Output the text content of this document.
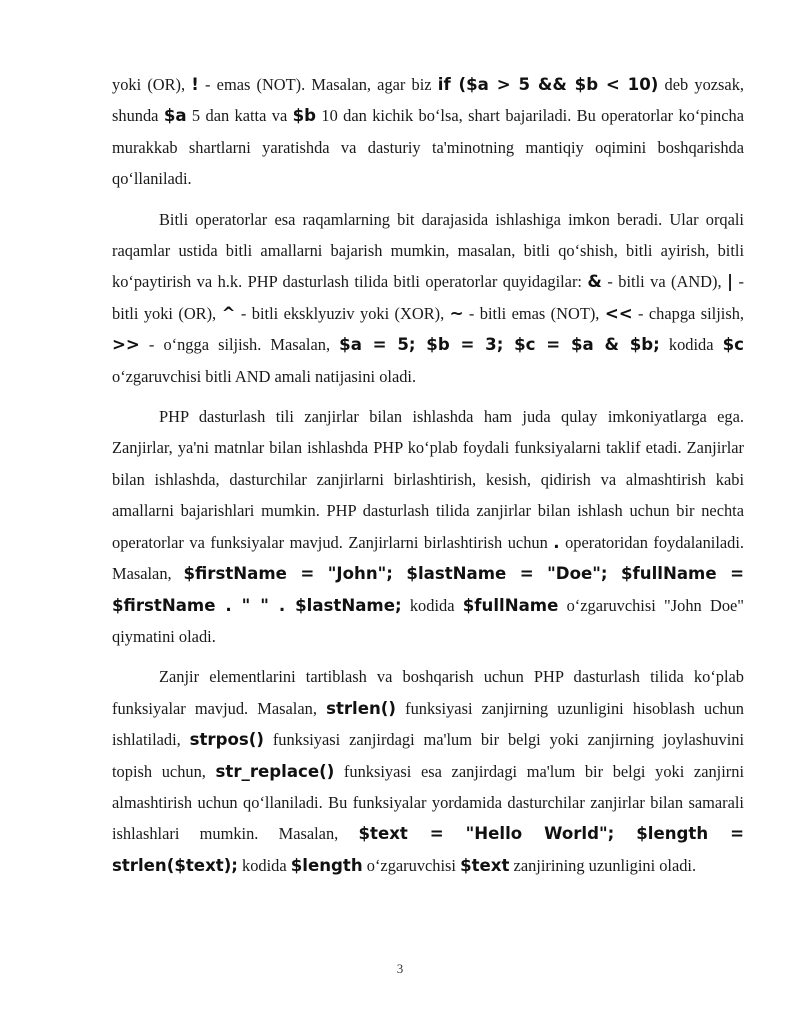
yoki (OR), ! - emas (NOT). Masalan, agar biz if ($a > 5 && $b < 10) deb yozsak, shunda $a 5 dan katta va $b 10 dan kichik bo‘lsa, shart bajariladi. Bu operatorlar ko‘pincha murakkab shartlarni yaratishda va dasturiy ta'minotning mantiqiy oqimini boshqarishda qo‘llaniladi.

Bitli operatorlar esa raqamlarning bit darajasida ishlashiga imkon beradi. Ular orqali raqamlar ustida bitli amallarni bajarish mumkin, masalan, bitli qo‘shish, bitli ayirish, bitli ko‘paytirish va h.k. PHP dasturlash tilida bitli operatorlar quyidagilar: & - bitli va (AND), | - bitli yoki (OR), ^ - bitli eksklyuziv yoki (XOR), ~ - bitli emas (NOT), << - chapga siljish, >> - o‘ngga siljish. Masalan, $a = 5; $b = 3; $c = $a & $b; kodida $c o‘zgaruvchisi bitli AND amali natijasini oladi.

PHP dasturlash tili zanjirlar bilan ishlashda ham juda qulay imkoniyatlarga ega. Zanjirlar, ya'ni matnlar bilan ishlashda PHP ko‘plab foydali funksiyalarni taklif etadi. Zanjirlar bilan ishlashda, dasturchilar zanjirlarni birlashtirish, kesish, qidirish va almashtirish kabi amallarni bajarishlari mumkin. PHP dasturlash tilida zanjirlar bilan ishlash uchun bir nechta operatorlar va funksiyalar mavjud. Zanjirlarni birlashtirish uchun . operatoridan foydalaniladi. Masalan, $firstName = "John"; $lastName = "Doe"; $fullName = $firstName . " " . $lastName; kodida $fullName o‘zgaruvchisi "John Doe" qiymatini oladi.

Zanjir elementlarini tartiblash va boshqarish uchun PHP dasturlash tilida ko‘plab funksiyalar mavjud. Masalan, strlen() funksiyasi zanjirning uzunligini hisoblash uchun ishlatiladi, strpos() funksiyasi zanjirdagi ma'lum bir belgi yoki zanjirning joylashuvini topish uchun, str_replace() funksiyasi esa zanjirdagi ma'lum bir belgi yoki zanjirni almashtirish uchun qo‘llaniladi. Bu funksiyalar yordamida dasturchilar zanjirlar bilan samarali ishlashlari mumkin. Masalan, $text = "Hello World"; $length = strlen($text); kodida $length o‘zgaruvchisi $text zanjirining uzunligini oladi.

3
